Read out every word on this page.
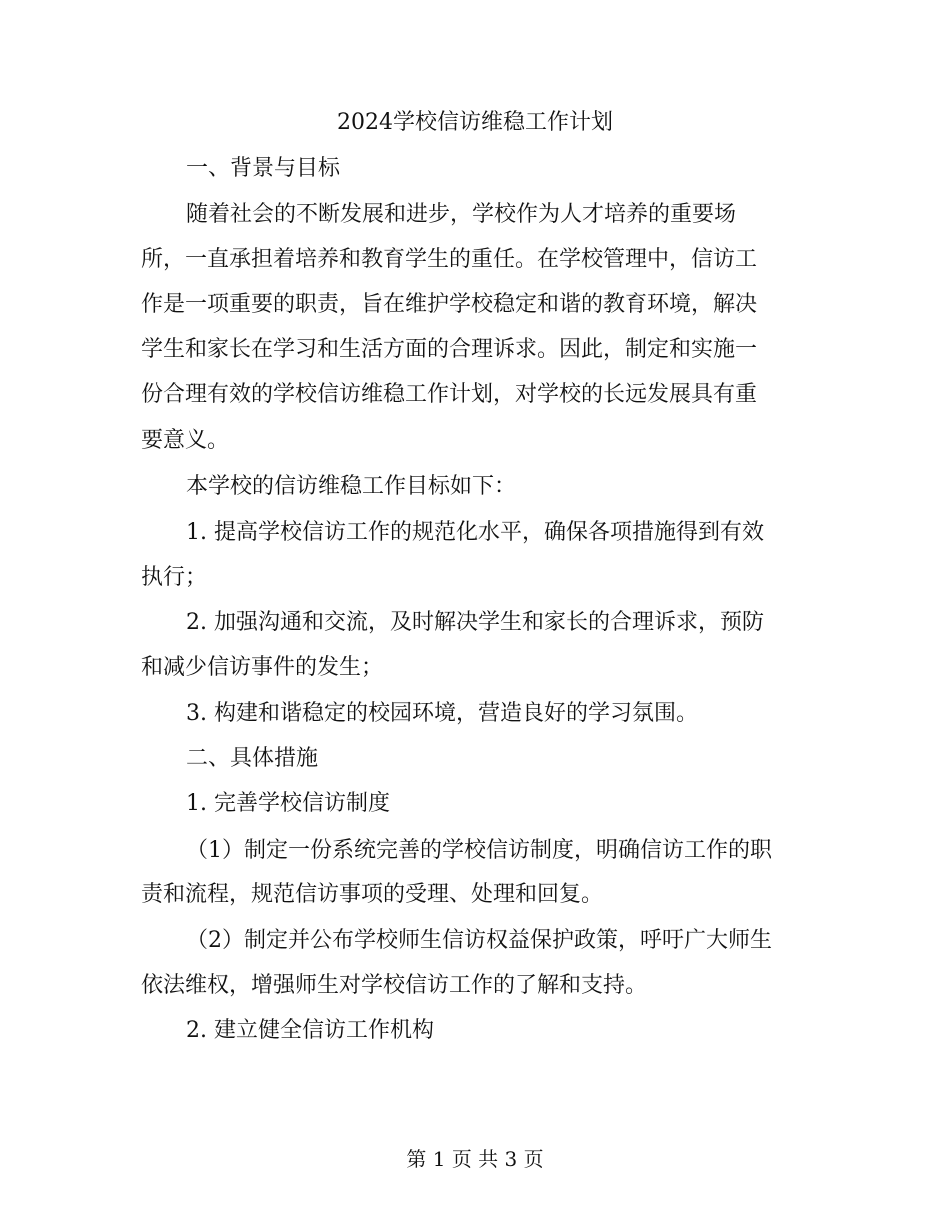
2024学校信访维稳工作计划
一、背景与目标
随着社会的不断发展和进步，学校作为人才培养的重要场
所，一直承担着培养和教育学生的重任。在学校管理中，信访工
作是一项重要的职责，旨在维护学校稳定和谐的教育环境，解决
学生和家长在学习和生活方面的合理诉求。因此，制定和实施一
份合理有效的学校信访维稳工作计划，对学校的长远发展具有重
要意义。
本学校的信访维稳工作目标如下：
1. 提高学校信访工作的规范化水平，确保各项措施得到有效
执行；
2. 加强沟通和交流，及时解决学生和家长的合理诉求，预防
和减少信访事件的发生；
3. 构建和谐稳定的校园环境，营造良好的学习氛围。
二、具体措施
1. 完善学校信访制度
（1）制定一份系统完善的学校信访制度，明确信访工作的职
责和流程，规范信访事项的受理、处理和回复。
（2）制定并公布学校师生信访权益保护政策，呼吁广大师生
依法维权，增强师生对学校信访工作的了解和支持。
2. 建立健全信访工作机构
第 1 页 共 3 页
